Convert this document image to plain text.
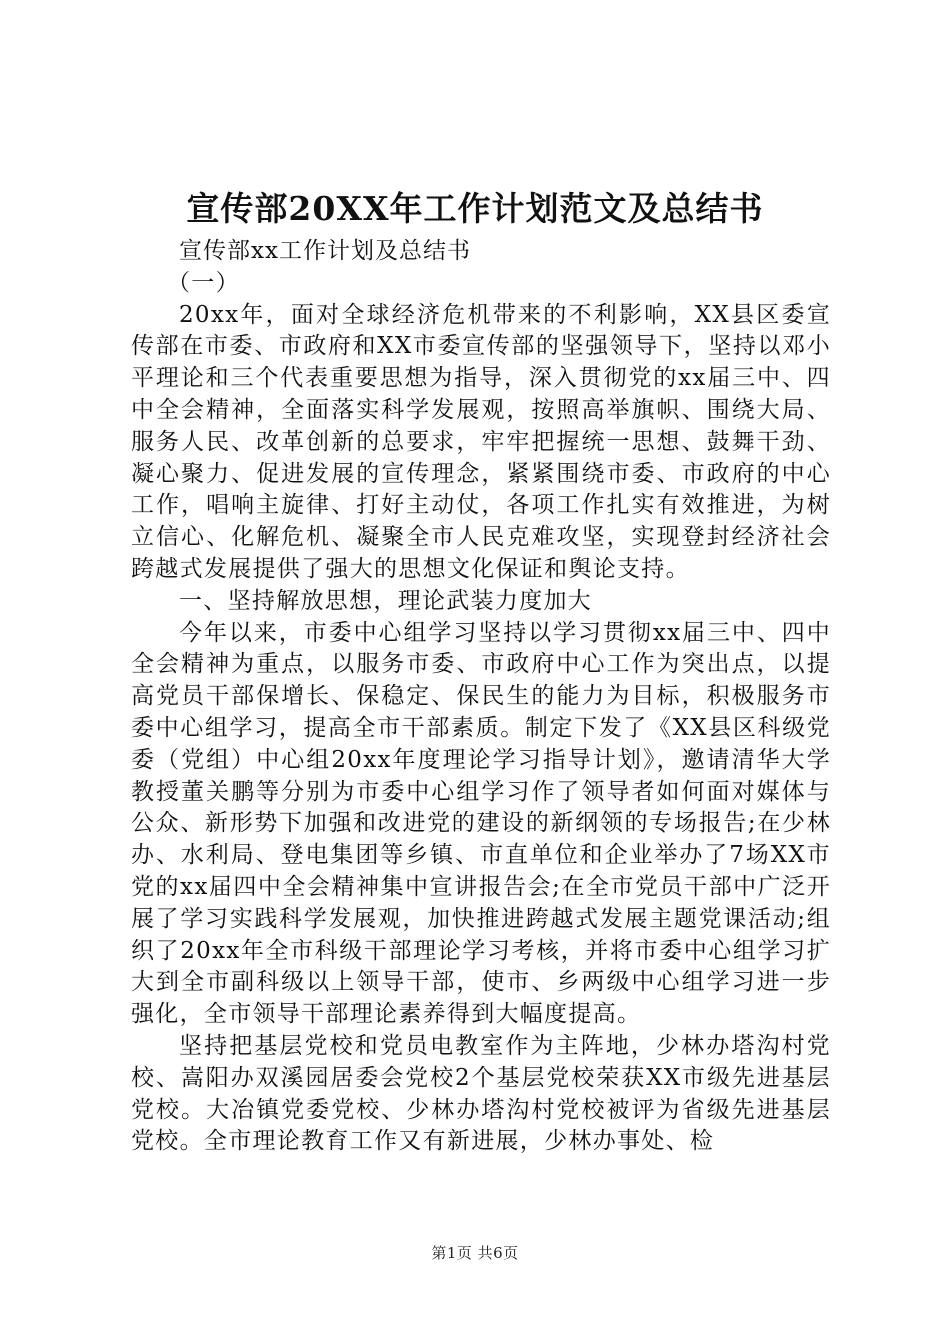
宣传部20XX年工作计划范文及总结书

宣传部xx工作计划及总结书

（一）

20xx年，面对全球经济危机带来的不利影响，XX县区委宣传部在市委、市政府和XX市委宣传部的坚强领导下，坚持以邓小平理论和三个代表重要思想为指导，深入贯彻党的xx届三中、四中全会精神，全面落实科学发展观，按照高举旗帜、围绕大局、服务人民、改革创新的总要求，牢牢把握统一思想、鼓舞干劲、凝心聚力、促进发展的宣传理念，紧紧围绕市委、市政府的中心工作，唱响主旋律、打好主动仗，各项工作扎实有效推进，为树立信心、化解危机、凝聚全市人民克难攻坚，实现登封经济社会跨越式发展提供了强大的思想文化保证和舆论支持。

一、坚持解放思想，理论武装力度加大

今年以来，市委中心组学习坚持以学习贯彻xx届三中、四中全会精神为重点，以服务市委、市政府中心工作为突出点，以提高党员干部保增长、保稳定、保民生的能力为目标，积极服务市委中心组学习，提高全市干部素质。制定下发了《XX县区科级党委（党组）中心组20xx年度理论学习指导计划》，邀请清华大学教授董关鹏等分别为市委中心组学习作了领导者如何面对媒体与公众、新形势下加强和改进党的建设的新纲领的专场报告;在少林办、水利局、登电集团等乡镇、市直单位和企业举办了7场XX市党的xx届四中全会精神集中宣讲报告会;在全市党员干部中广泛开展了学习实践科学发展观，加快推进跨越式发展主题党课活动;组织了20xx年全市科级干部理论学习考核，并将市委中心组学习扩大到全市副科级以上领导干部，使市、乡两级中心组学习进一步强化，全市领导干部理论素养得到大幅度提高。

坚持把基层党校和党员电教室作为主阵地，少林办塔沟村党校、嵩阳办双溪园居委会党校2个基层党校荣获XX市级先进基层党校。大冶镇党委党校、少林办塔沟村党校被评为省级先进基层党校。全市理论教育工作又有新进展，少林办事处、检

第1页 共6页
